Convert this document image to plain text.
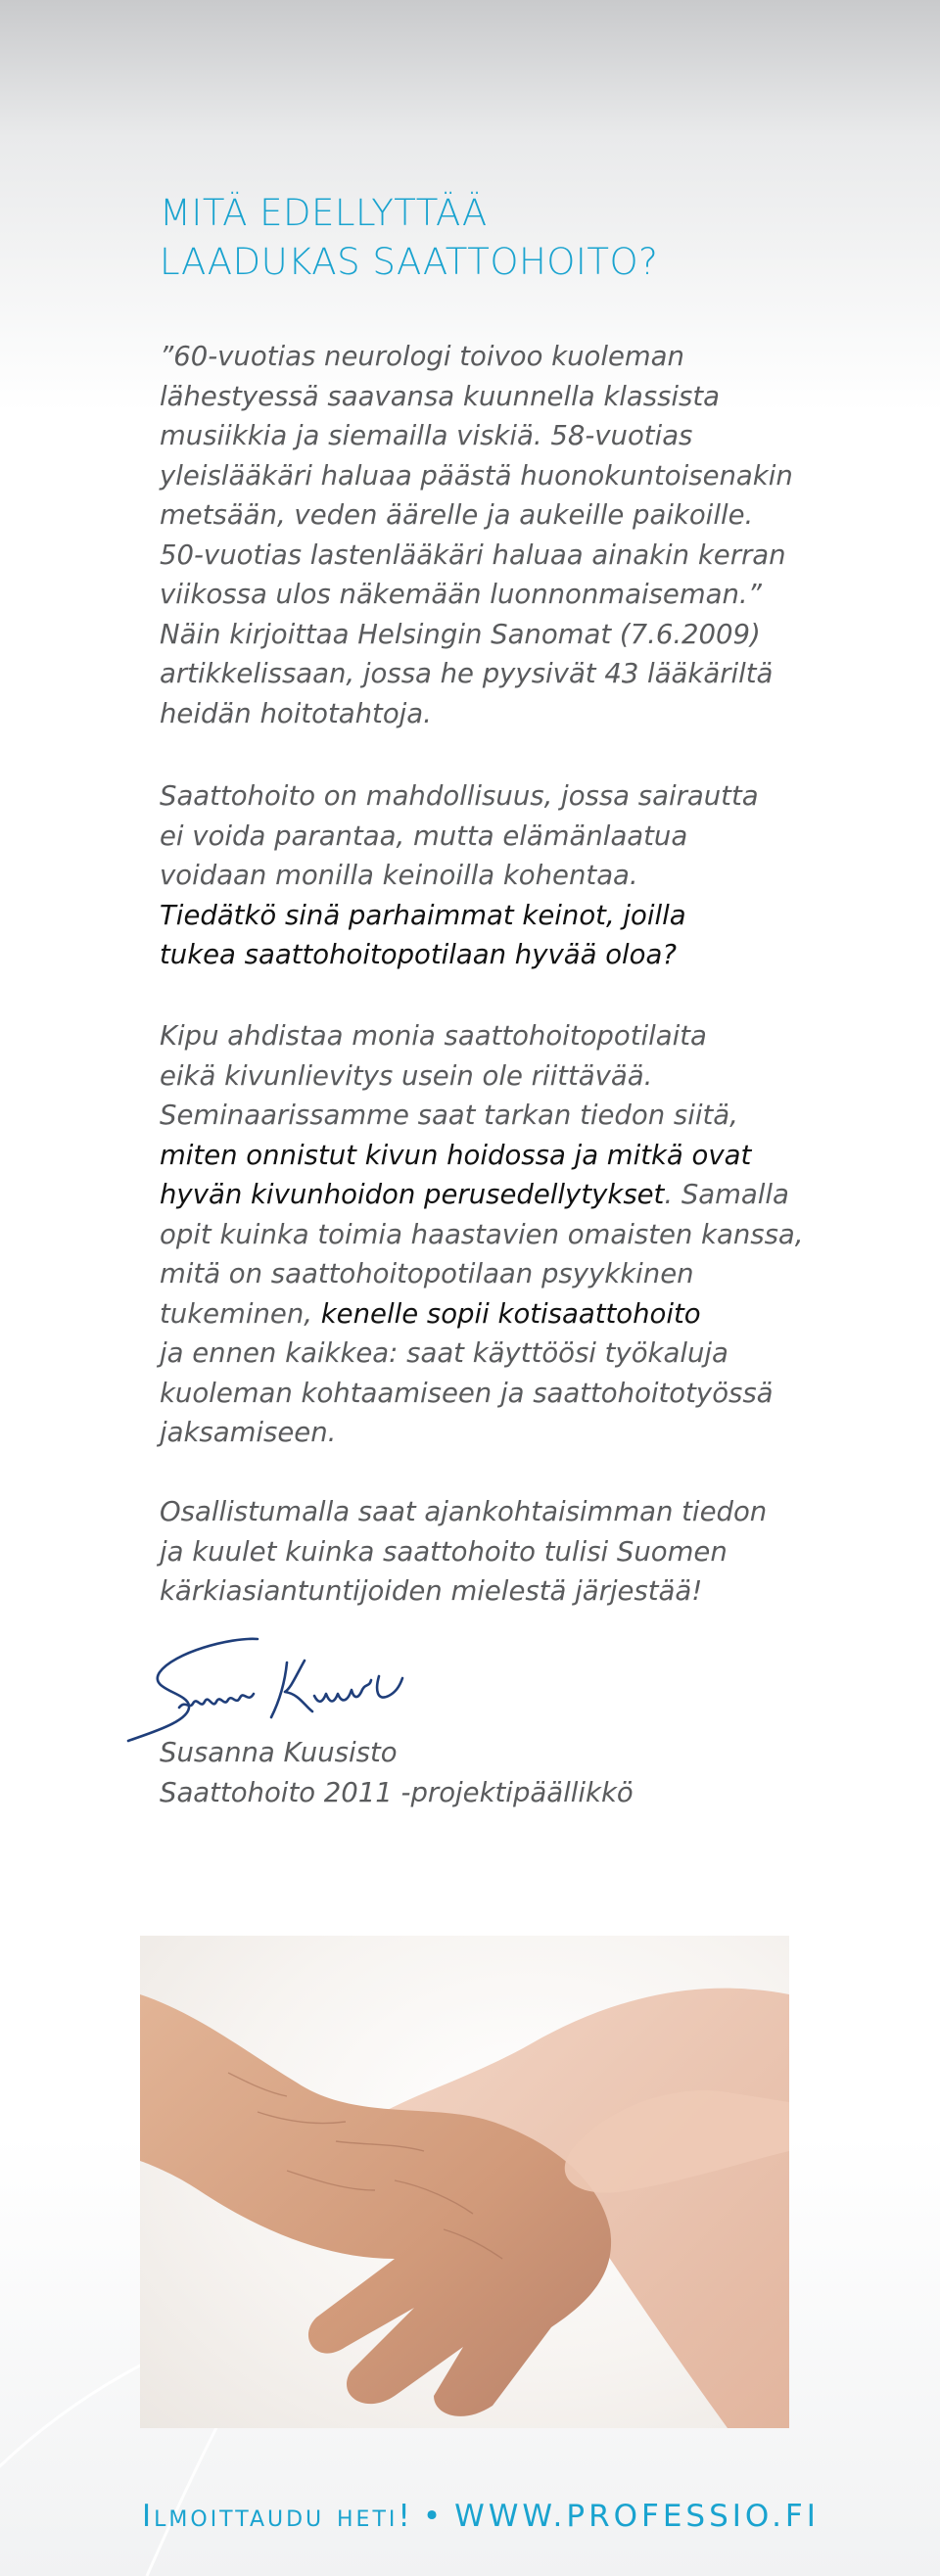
MITÄ EDELLYTTÄÄ
LAADUKAS SAATTOHOITO?

”60-vuotias neurologi toivoo kuoleman
lähestyessä saavansa kuunnella klassista
musiikkia ja siemailla viskiä. 58-vuotias
yleislääkäri haluaa päästä huonokuntoisenakin
metsään, veden äärelle ja aukeille paikoille.
50-vuotias lastenlääkäri haluaa ainakin kerran
viikossa ulos näkemään luonnonmaiseman.”
Näin kirjoittaa Helsingin Sanomat (7.6.2009)
artikkelissaan, jossa he pyysivät 43 lääkäriltä
heidän hoitotahtoja.

Saattohoito on mahdollisuus, jossa sairautta
ei voida parantaa, mutta elämänlaatua
voidaan monilla keinoilla kohentaa.
Tiedätkö sinä parhaimmat keinot, joilla
tukea saattohoitopotilaan hyvää oloa?

Kipu ahdistaa monia saattohoitopotilaita
eikä kivunlievitys usein ole riittävää.
Seminaarissamme saat tarkan tiedon siitä,
miten onnistut kivun hoidossa ja mitkä ovat
hyvän kivunhoidon perusedellytykset. Samalla
opit kuinka toimia haastavien omaisten kanssa,
mitä on saattohoitopotilaan psyykkinen
tukeminen, kenelle sopii kotisaattohoito
ja ennen kaikkea: saat käyttöösi työkaluja
kuoleman kohtaamiseen ja saattohoitotyössä
jaksamiseen.

Osallistumalla saat ajankohtaisimman tiedon
ja kuulet kuinka saattohoito tulisi Suomen
kärkiasiantuntijoiden mielestä järjestää!

Susanna Kuusisto
Saattohoito 2011 -projektipäällikkö
Ilmoittaudu heti! • WWW.PROFESSIO.FI
